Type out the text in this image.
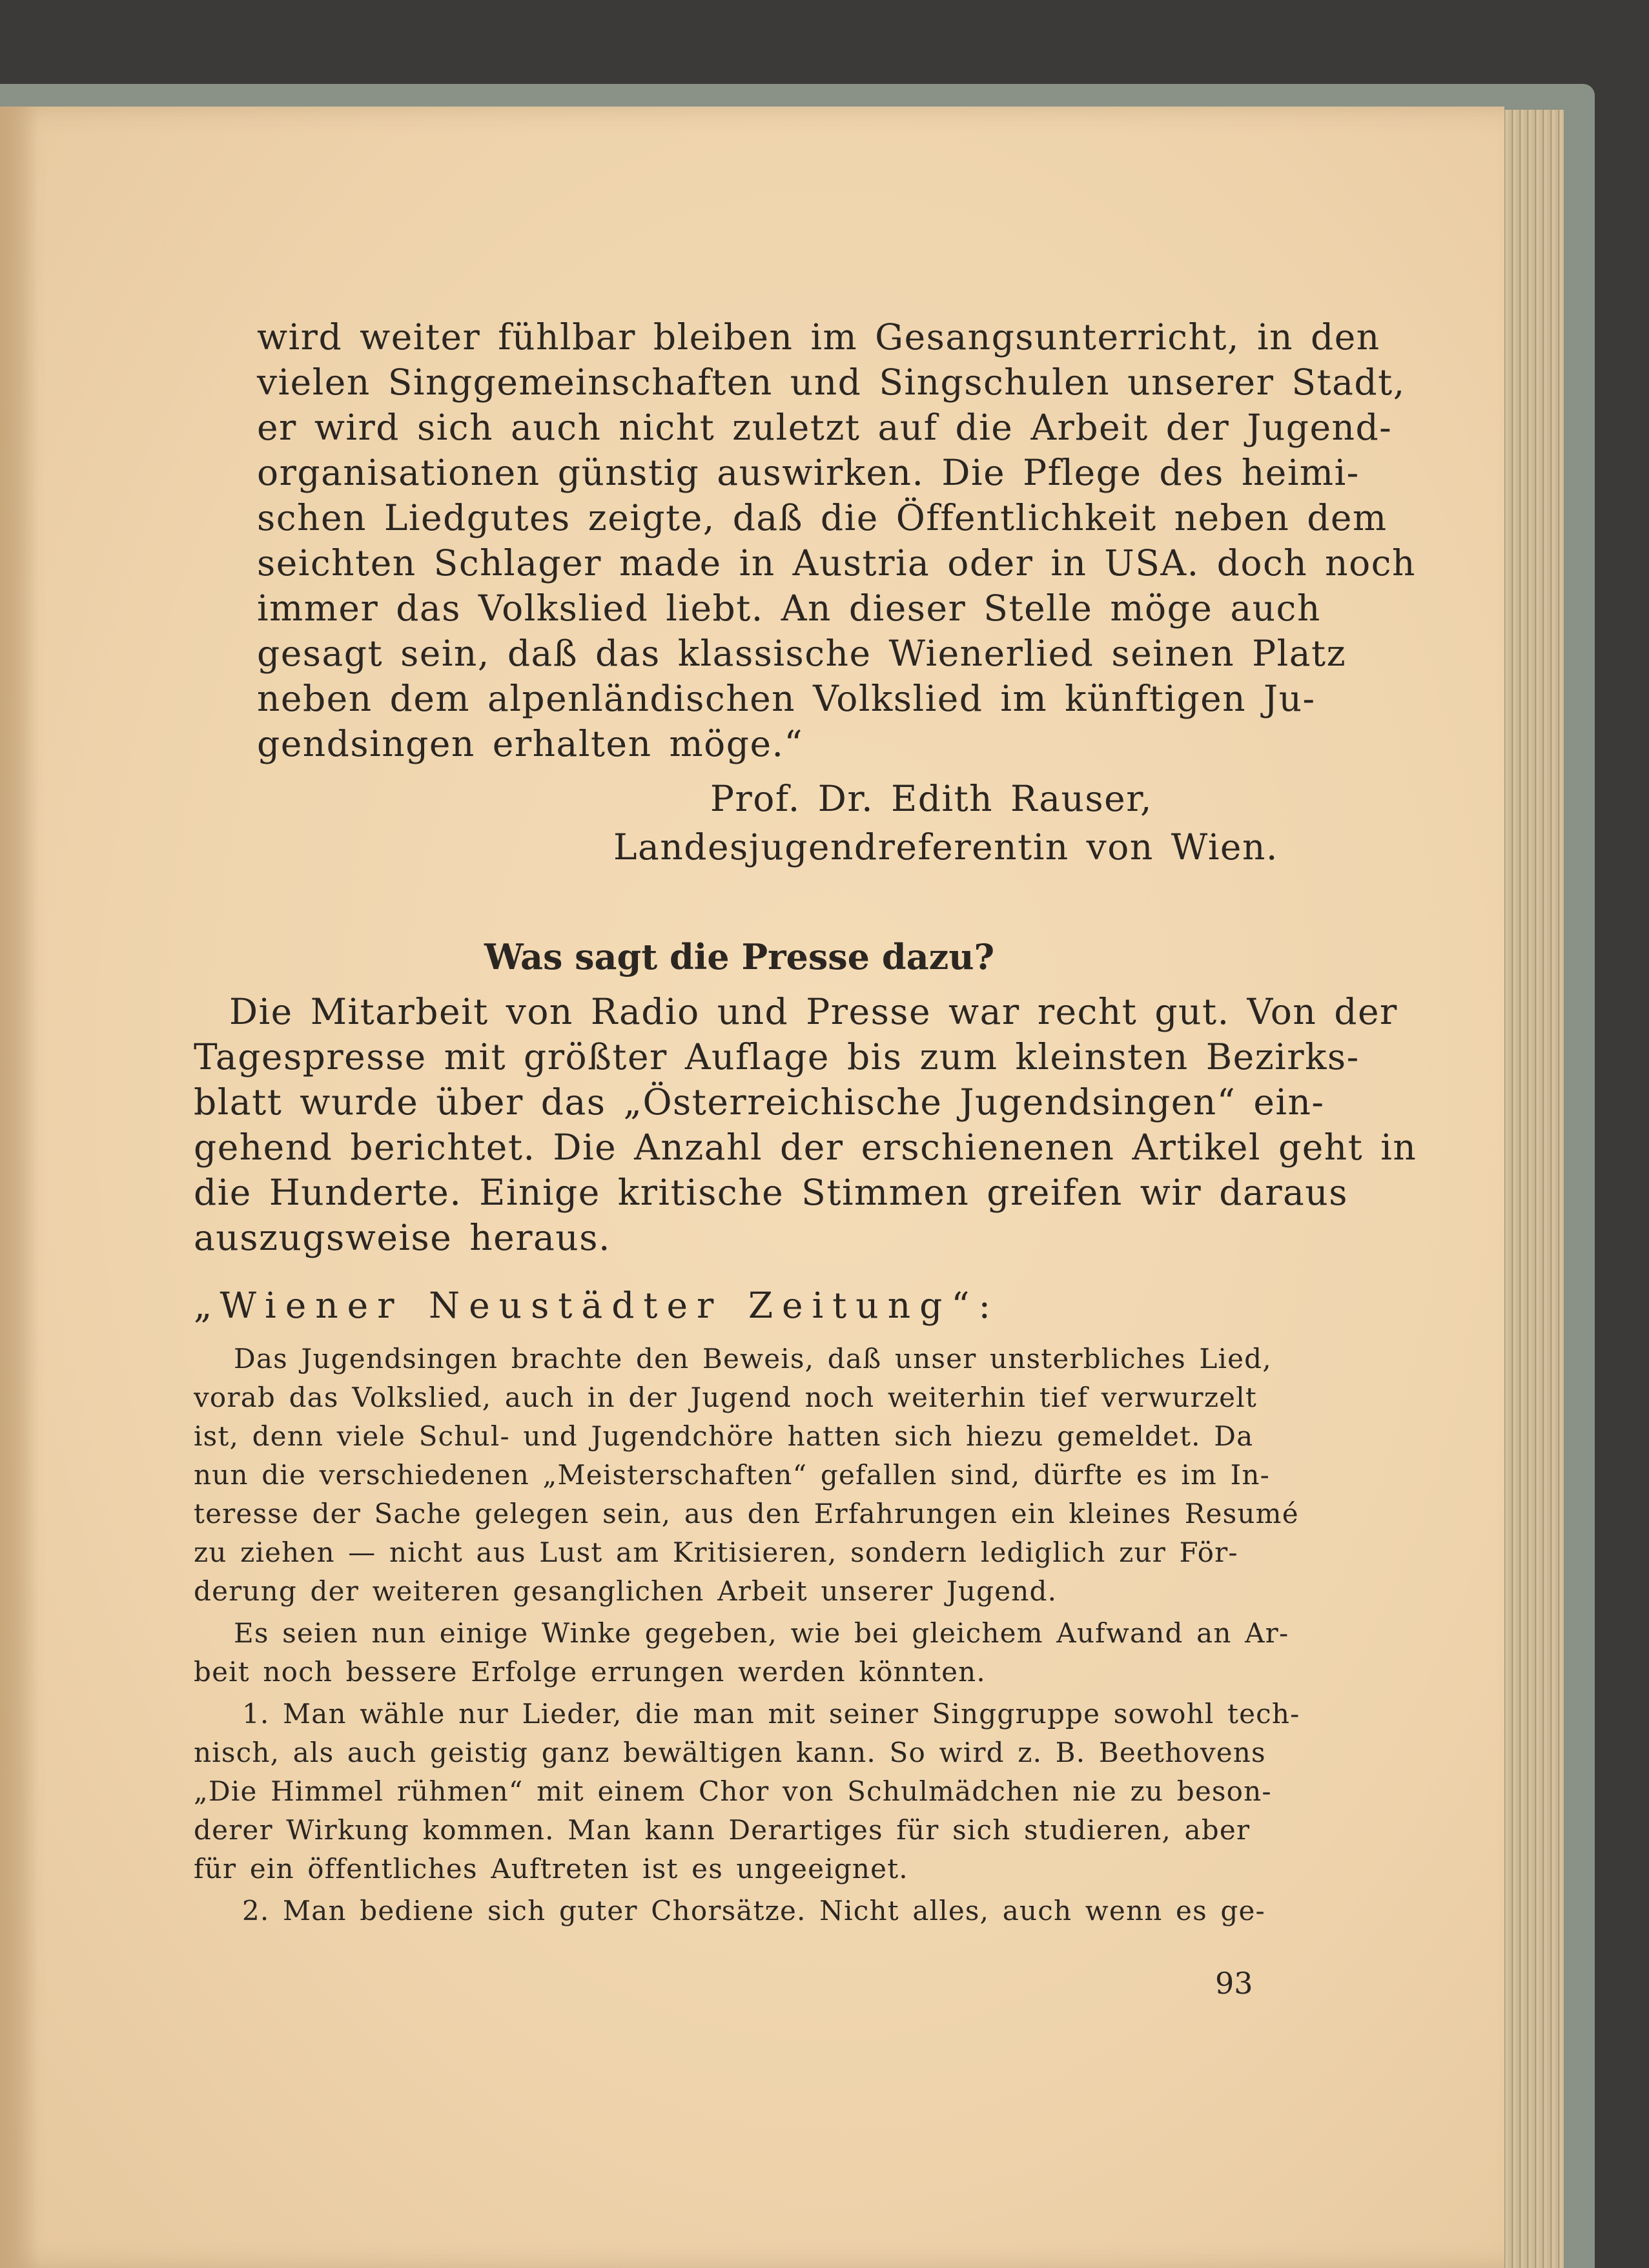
wird weiter fühlbar bleiben im Gesangsunterricht, in den

vielen Singgemeinschaften und Singschulen unserer Stadt,

er wird sich auch nicht zuletzt auf die Arbeit der Jugend-

organisationen günstig auswirken. Die Pflege des heimi-

schen Liedgutes zeigte, daß die Öffentlichkeit neben dem

seichten Schlager made in Austria oder in USA. doch noch

immer das Volkslied liebt. An dieser Stelle möge auch

gesagt sein, daß das klassische Wienerlied seinen Platz

neben dem alpenländischen Volkslied im künftigen Ju-

gendsingen erhalten möge.“

Prof. Dr. Edith Rauser,

Landesjugendreferentin von Wien.

Was sagt die Presse dazu?

Die Mitarbeit von Radio und Presse war recht gut. Von der

Tagespresse mit größter Auflage bis zum kleinsten Bezirks-

blatt wurde über das „Österreichische Jugendsingen“ ein-

gehend berichtet. Die Anzahl der erschienenen Artikel geht in

die Hunderte. Einige kritische Stimmen greifen wir daraus

auszugsweise heraus.

„Wiener Neustädter Zeitung“:

Das Jugendsingen brachte den Beweis, daß unser unsterbliches Lied,

vorab das Volkslied, auch in der Jugend noch weiterhin tief verwurzelt

ist, denn viele Schul- und Jugendchöre hatten sich hiezu gemeldet. Da

nun die verschiedenen „Meisterschaften“ gefallen sind, dürfte es im In-

teresse der Sache gelegen sein, aus den Erfahrungen ein kleines Resumé

zu ziehen — nicht aus Lust am Kritisieren, sondern lediglich zur För-

derung der weiteren gesanglichen Arbeit unserer Jugend.

Es seien nun einige Winke gegeben, wie bei gleichem Aufwand an Ar-

beit noch bessere Erfolge errungen werden könnten.

1. Man wähle nur Lieder, die man mit seiner Singgruppe sowohl tech-

nisch, als auch geistig ganz bewältigen kann. So wird z. B. Beethovens

„Die Himmel rühmen“ mit einem Chor von Schulmädchen nie zu beson-

derer Wirkung kommen. Man kann Derartiges für sich studieren, aber

für ein öffentliches Auftreten ist es ungeeignet.

2. Man bediene sich guter Chorsätze. Nicht alles, auch wenn es ge-

93
